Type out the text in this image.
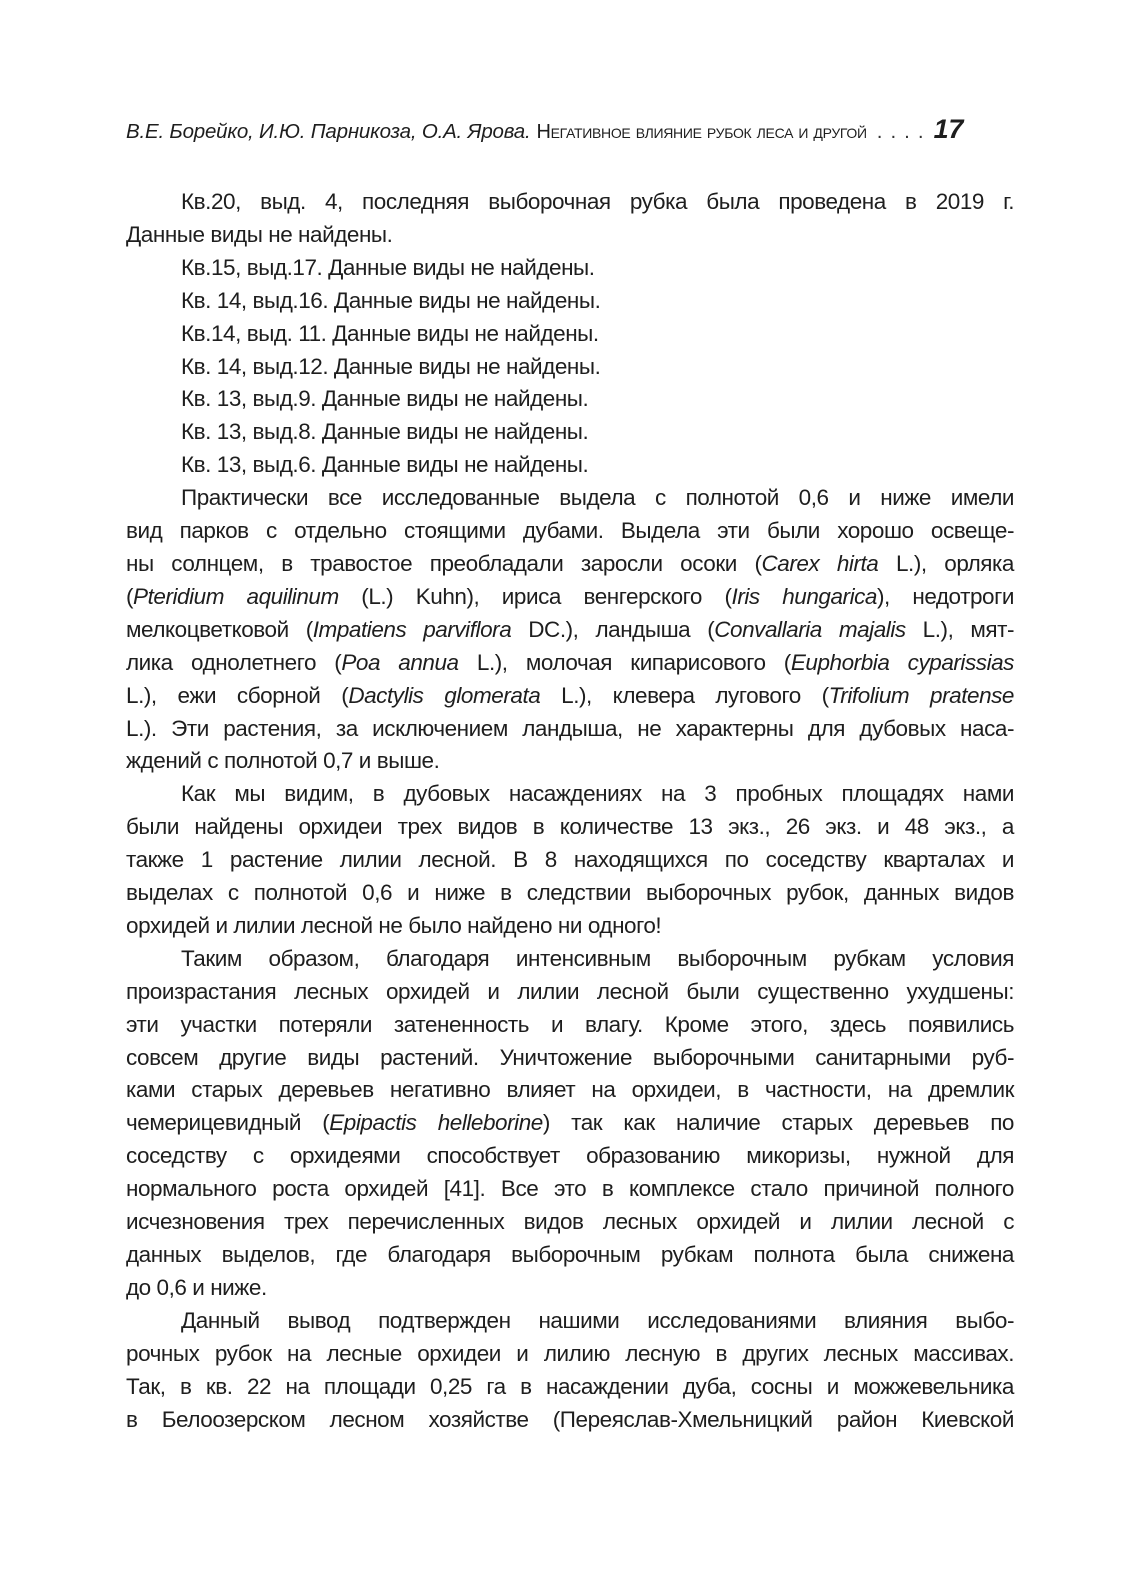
В.Е. Борейко, И.Ю. Парникоза, О.А. Ярова. Негативное влияние рубок леса и другой .... 17
Кв.20, выд. 4, последняя выборочная рубка была проведена в 2019 г.
Данные виды не найдены.
Кв.15, выд.17. Данные виды не найдены.
Кв. 14, выд.16. Данные виды не найдены.
Кв.14, выд. 11. Данные виды не найдены.
Кв. 14, выд.12. Данные виды не найдены.
Кв. 13, выд.9. Данные виды не найдены.
Кв. 13, выд.8. Данные виды не найдены.
Кв. 13, выд.6. Данные виды не найдены.
Практически все исследованные выдела с полнотой 0,6 и ниже имели
вид парков с отдельно стоящими дубами. Выдела эти были хорошо освеще-
ны солнцем, в травостое преобладали заросли осоки (Carex hirta L.), орляка
(Pteridium aquilinum (L.) Kuhn), ириса венгерского (Iris hungarica), недотроги
мелкоцветковой (Impatiens parviflora DC.), ландыша (Convallaria majalis L.), мят-
лика однолетнего (Poa annua L.), молочая кипарисового (Euphorbia cyparissias
L.), ежи сборной (Dactylis glomerata L.), клевера лугового (Trifolium pratense
L.). Эти растения, за исключением ландыша, не характерны для дубовых наса-
ждений с полнотой 0,7 и выше.
Как мы видим, в дубовых насаждениях на 3 пробных площадях нами
были найдены орхидеи трех видов в количестве 13 экз., 26 экз. и 48 экз., а
также 1 растение лилии лесной. В 8 находящихся по соседству кварталах и
выделах с полнотой 0,6 и ниже в следствии выборочных рубок, данных видов
орхидей и лилии лесной не было найдено ни одного!
Таким образом, благодаря интенсивным выборочным рубкам условия
произрастания лесных орхидей и лилии лесной были существенно ухудшены:
эти участки потеряли затененность и влагу. Кроме этого, здесь появились
совсем другие виды растений. Уничтожение выборочными санитарными руб-
ками старых деревьев негативно влияет на орхидеи, в частности, на дремлик
чемерицевидный (Epipactis helleborine) так как наличие старых деревьев по
соседству с орхидеями способствует образованию микоризы, нужной для
нормального роста орхидей [41]. Все это в комплексе стало причиной полного
исчезновения трех перечисленных видов лесных орхидей и лилии лесной с
данных выделов, где благодаря выборочным рубкам полнота была снижена
до 0,6 и ниже.
Данный вывод подтвержден нашими исследованиями влияния выбо-
рочных рубок на лесные орхидеи и лилию лесную в других лесных массивах.
Так, в кв. 22 на площади 0,25 га в насаждении дуба, сосны и можжевельника
в Белоозерском лесном хозяйстве (Переяслав-Хмельницкий район Киевской
